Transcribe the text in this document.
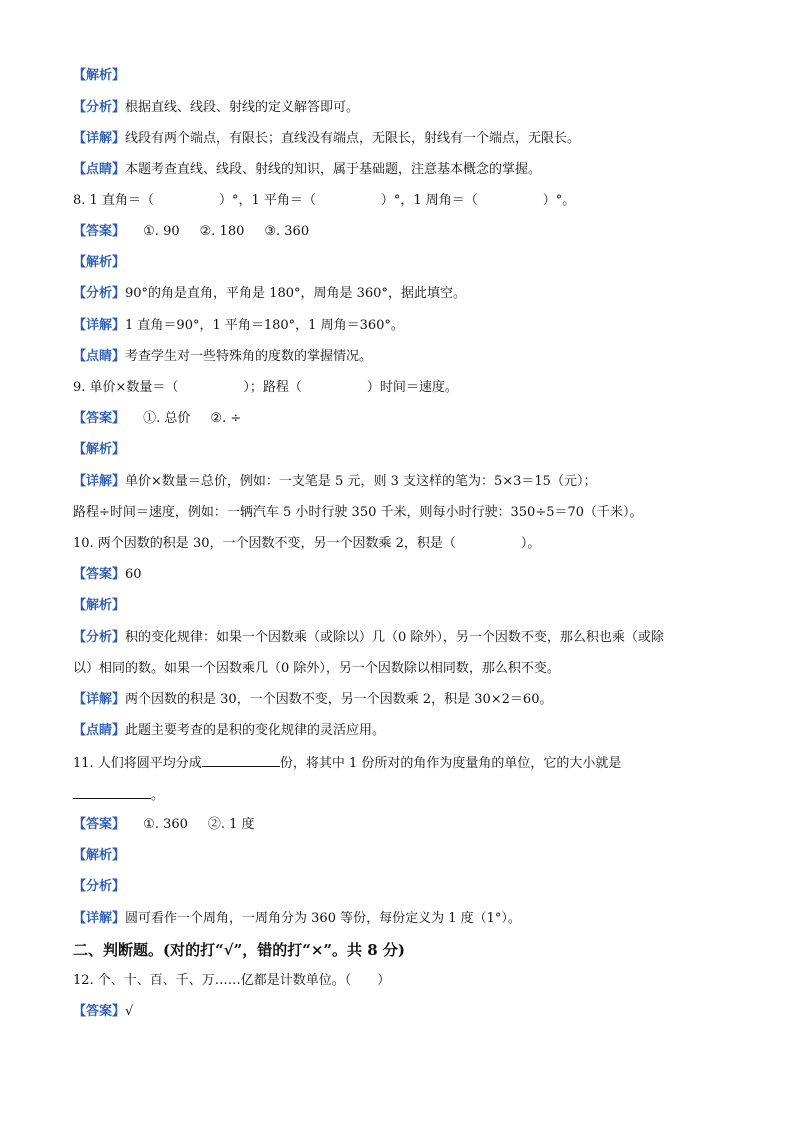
【解析】
【分析】根据直线、线段、射线的定义解答即可。
【详解】线段有两个端点，有限长；直线没有端点，无限长，射线有一个端点，无限长。
【点睛】本题考查直线、线段、射线的知识，属于基础题，注意基本概念的掌握。
8. 1 直角＝（　　　　　）°，1 平角＝（　　　　　）°，1 周角＝（　　　　　）°。
【答案】 ①. 90 ②. 180 ③. 360
【解析】
【分析】90°的角是直角，平角是 180°，周角是 360°，据此填空。
【详解】1 直角＝90°，1 平角＝180°，1 周角＝360°。
【点睛】考查学生对一些特殊角的度数的掌握情况。
9. 单价×数量＝（　　　　　）；路程（　　　　　）时间＝速度。
【答案】 ①. 总价 ②. ÷
【解析】
【详解】单价×数量＝总价，例如：一支笔是 5 元，则 3 支这样的笔为：5×3＝15（元）；
路程÷时间＝速度，例如：一辆汽车 5 小时行驶 350 千米，则每小时行驶：350÷5＝70（千米）。
10. 两个因数的积是 30，一个因数不变，另一个因数乘 2，积是（　　　　　）。
【答案】60
【解析】
【分析】积的变化规律：如果一个因数乘（或除以）几（0 除外），另一个因数不变，那么积也乘（或除
以）相同的数。如果一个因数乘几（0 除外），另一个因数除以相同数，那么积不变。
【详解】两个因数的积是 30，一个因数不变，另一个因数乘 2，积是 30×2＝60。
【点睛】此题主要考查的是积的变化规律的灵活应用。
11. 人们将圆平均分成	份，将其中 1 份所对的角作为度量角的单位，它的大小就是
。
【答案】 ①. 360 ②. 1 度
【解析】
【分析】
【详解】圆可看作一个周角，一周角分为 360 等份，每份定义为 1 度（1°）。
二、判断题。(对的打“√”，错的打“×”。共 8 分)
12. 个、十、百、千、万……亿都是计数单位。（　　）
【答案】√
